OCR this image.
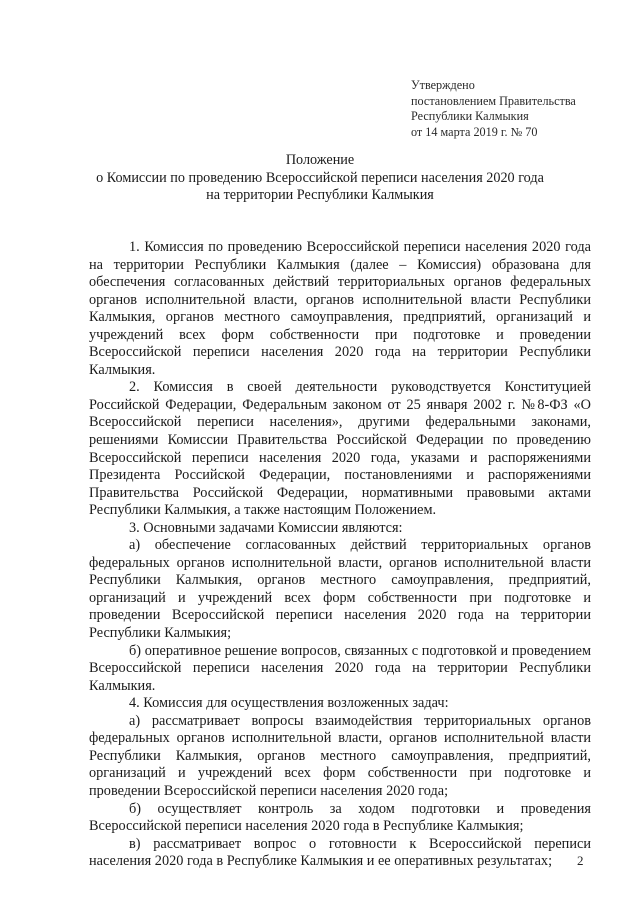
Утверждено
постановлением Правительства
Республики Калмыкия
от 14 марта 2019 г. № 70
Положение
о Комиссии по проведению Всероссийской переписи населения 2020 года
на территории Республики Калмыкия

1. Комиссия по проведению Всероссийской переписи населения 2020 года на территории Республики Калмыкия (далее – Комиссия) образована для обеспечения согласованных действий территориальных органов федеральных органов исполнительной власти, органов исполнительной власти Республики Калмыкия, органов местного самоуправления, предприятий, организаций и учреждений всех форм собственности при подготовке и проведении Всероссийской переписи населения 2020 года на территории Республики Калмыкия.

2. Комиссия в своей деятельности руководствуется Конституцией Российской Федерации, Федеральным законом от 25 января 2002 г. №8-ФЗ «О Всероссийской переписи населения», другими федеральными законами, решениями Комиссии Правительства Российской Федерации по проведению Всероссийской переписи населения 2020 года, указами и распоряжениями Президента Российской Федерации, постановлениями и распоряжениями Правительства Российской Федерации, нормативными правовыми актами Республики Калмыкия, а также настоящим Положением.

3. Основными задачами Комиссии являются:

а) обеспечение согласованных действий территориальных органов федеральных органов исполнительной власти, органов исполнительной власти Республики Калмыкия, органов местного самоуправления, предприятий, организаций и учреждений всех форм собственности при подготовке и проведении Всероссийской переписи населения 2020 года на территории Республики Калмыкия;

б) оперативное решение вопросов, связанных с подготовкой и проведением Всероссийской переписи населения 2020 года на территории Республики Калмыкия.

4. Комиссия для осуществления возложенных задач:

а) рассматривает вопросы взаимодействия территориальных органов федеральных органов исполнительной власти, органов исполнительной власти Республики Калмыкия, органов местного самоуправления, предприятий, организаций и учреждений всех форм собственности при подготовке и проведении Всероссийской переписи населения 2020 года;

б) осуществляет контроль за ходом подготовки и проведения Всероссийской переписи населения 2020 года в Республике Калмыкия;

в) рассматривает вопрос о готовности к Всероссийской переписи населения 2020 года в Республике Калмыкия и ее оперативных результатах;	2
